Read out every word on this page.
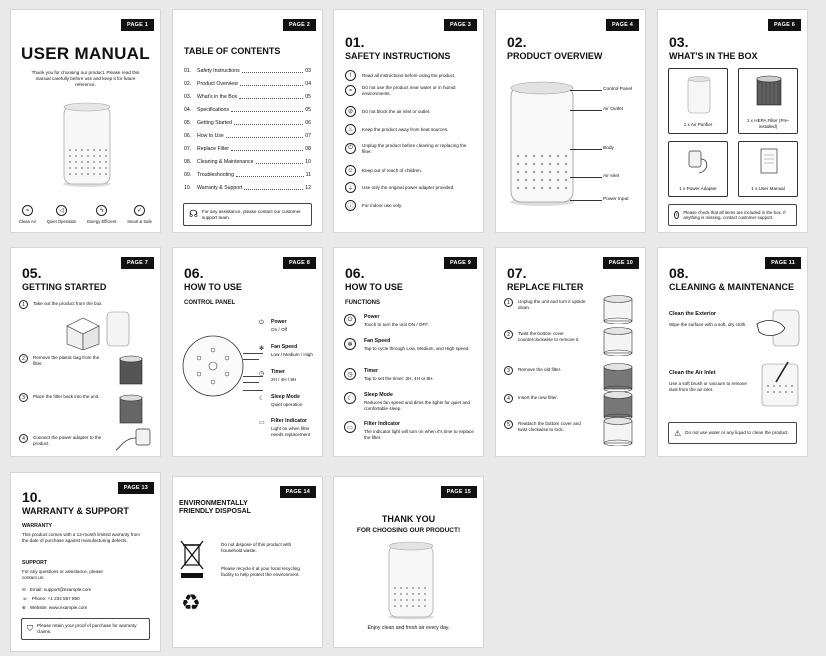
PAGE 1
USER MANUAL
Thank you for choosing our product. Please read this manual carefully before use and keep it for future reference.
≈
Clean Air
◁
Quiet Operation
ϟ
Energy Efficient
✓
Smart & Safe
PAGE 2
TABLE OF CONTENTS
01.	Safety Instructions	03
02.	Product Overview	04
03.	What's in the Box	05
04.	Specifications	05
05.	Getting Started	06
06.	How to Use	07
07.	Replace Filter	08
08.	Cleaning & Maintenance	10
09.	Troubleshooting	11
10.	Warranty & Support	12
☊ For any assistance, please contact our customer support team.
PAGE 3
01.
SAFETY INSTRUCTIONS
!	Read all instructions before using the product.
≈
Do not use the product near water or in humid environments.
⊘	Do not block the air inlet or outlet.
♨	Keep the product away from heat sources.
⏻	Unplug the product before cleaning or replacing the filter.
☺	Keep out of reach of children.
⏚	Use only the original power adapter provided.
ⓘ	For indoor use only.
PAGE 4
02.
PRODUCT OVERVIEW
Control Panel
Air Outlet
Body
Air Inlet
Power Input
PAGE 6
03.
WHAT'S IN THE BOX
1 x Air Purifier
1 x HEPA Filter (Pre-installed)
1 x Power Adapter	1 x User Manual
i	Please check that all items are included in the box. If anything is missing, contact customer support.
PAGE 7
05.
GETTING STARTED
1	Take out the product from the box.
2	Remove the plastic bag from the filter.
3	Place the filter back into the unit.
4	Connect the power adapter to the product.
PAGE 8
06.
HOW TO USE
CONTROL PANEL
⏻ Power
On / Off
✻ Fan Speed
Low / Medium / High
◷ Timer
2H / 4H / 8H
☾ Sleep Mode
Quiet operation
▭ Filter Indicator
Light on when filter needs replacement
PAGE 9
06.
HOW TO USE
FUNCTIONS
⏻	Power
Touch to turn the unit ON / OFF.
✻
Fan Speed
Tap to cycle through Low, Medium, and High speed.
◷
Timer
Tap to set the timer: 2H, 4H or 8H.
☾
Sleep Mode
Reduces fan speed and dims the lights for quiet and comfortable sleep.
▭
Filter Indicator
The indicator light will turn on when it's time to replace the filter.
PAGE 10
07.
REPLACE FILTER
1	Unplug the unit and turn it upside down.
2	Twist the bottom cover counterclockwise to remove it.
3	Remove the old filter.
4	Insert the new filter.
5	Reattach the bottom cover and twist clockwise to lock.
PAGE 11
08.
CLEANING & MAINTENANCE
Clean the Exterior
Wipe the surface with a soft, dry cloth.
Clean the Air Inlet
Use a soft brush or vacuum to remove dust from the air inlet.
⚠ Do not use water or any liquid to clean the product.
PAGE 13
10.
WARRANTY & SUPPORT
WARRANTY
This product comes with a 12-month limited warranty from the date of purchase against manufacturing defects.
SUPPORT
For any questions or assistance, please contact us:
✉ Email: support@example.com
☏ Phone: +1 234 567 890
⊕ Website: www.example.com
⛉ Please retain your proof of purchase for warranty claims.
PAGE 14
ENVIRONMENTALLY FRIENDLY DISPOSAL
Do not dispose of this product with household waste.
Please recycle it at your local recycling facility to help protect the environment.
♻
PAGE 15
THANK YOU
FOR CHOOSING OUR PRODUCT!
Enjoy clean and fresh air every day.
